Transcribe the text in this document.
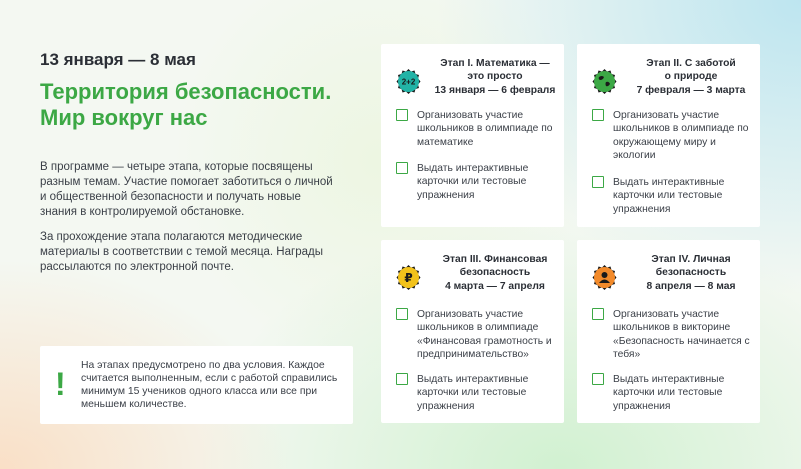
13 января — 8 мая
Территория безопасности.
Мир вокруг нас
В программе — четыре этапа, которые посвящены разным темам. Участие помогает заботиться о личной и общественной безопасности и получать новые знания в контролируемой обстановке.
За прохождение этапа полагаются методические материалы в соответствии с темой месяца. Награды рассылаются по электронной почте.
!
На этапах предусмотрено по два условия. Каждое считается выполненным, если с работой справились минимум 15 учеников одного класса или все при меньшем количестве.
2+2
Этап I. Математика —
это просто
13 января — 6 февраля
Организовать участие школьников в олимпиаде по математике
Выдать интерактивные карточки или тестовые упражнения
Этап II. С заботой
о природе
7 февраля — 3 марта
Организовать участие школьников в олимпиаде по окружающему миру и экологии
Выдать интерактивные карточки или тестовые упражнения
₽
Этап III. Финансовая
безопасность
4 марта — 7 апреля
Организовать участие школьников в олимпиаде «Финансовая грамотность и предпринимательство»
Выдать интерактивные карточки или тестовые упражнения
Этап IV. Личная
безопасность
8 апреля — 8 мая
Организовать участие школьников в викторине «Безопасность начинается с тебя»
Выдать интерактивные карточки или тестовые упражнения
